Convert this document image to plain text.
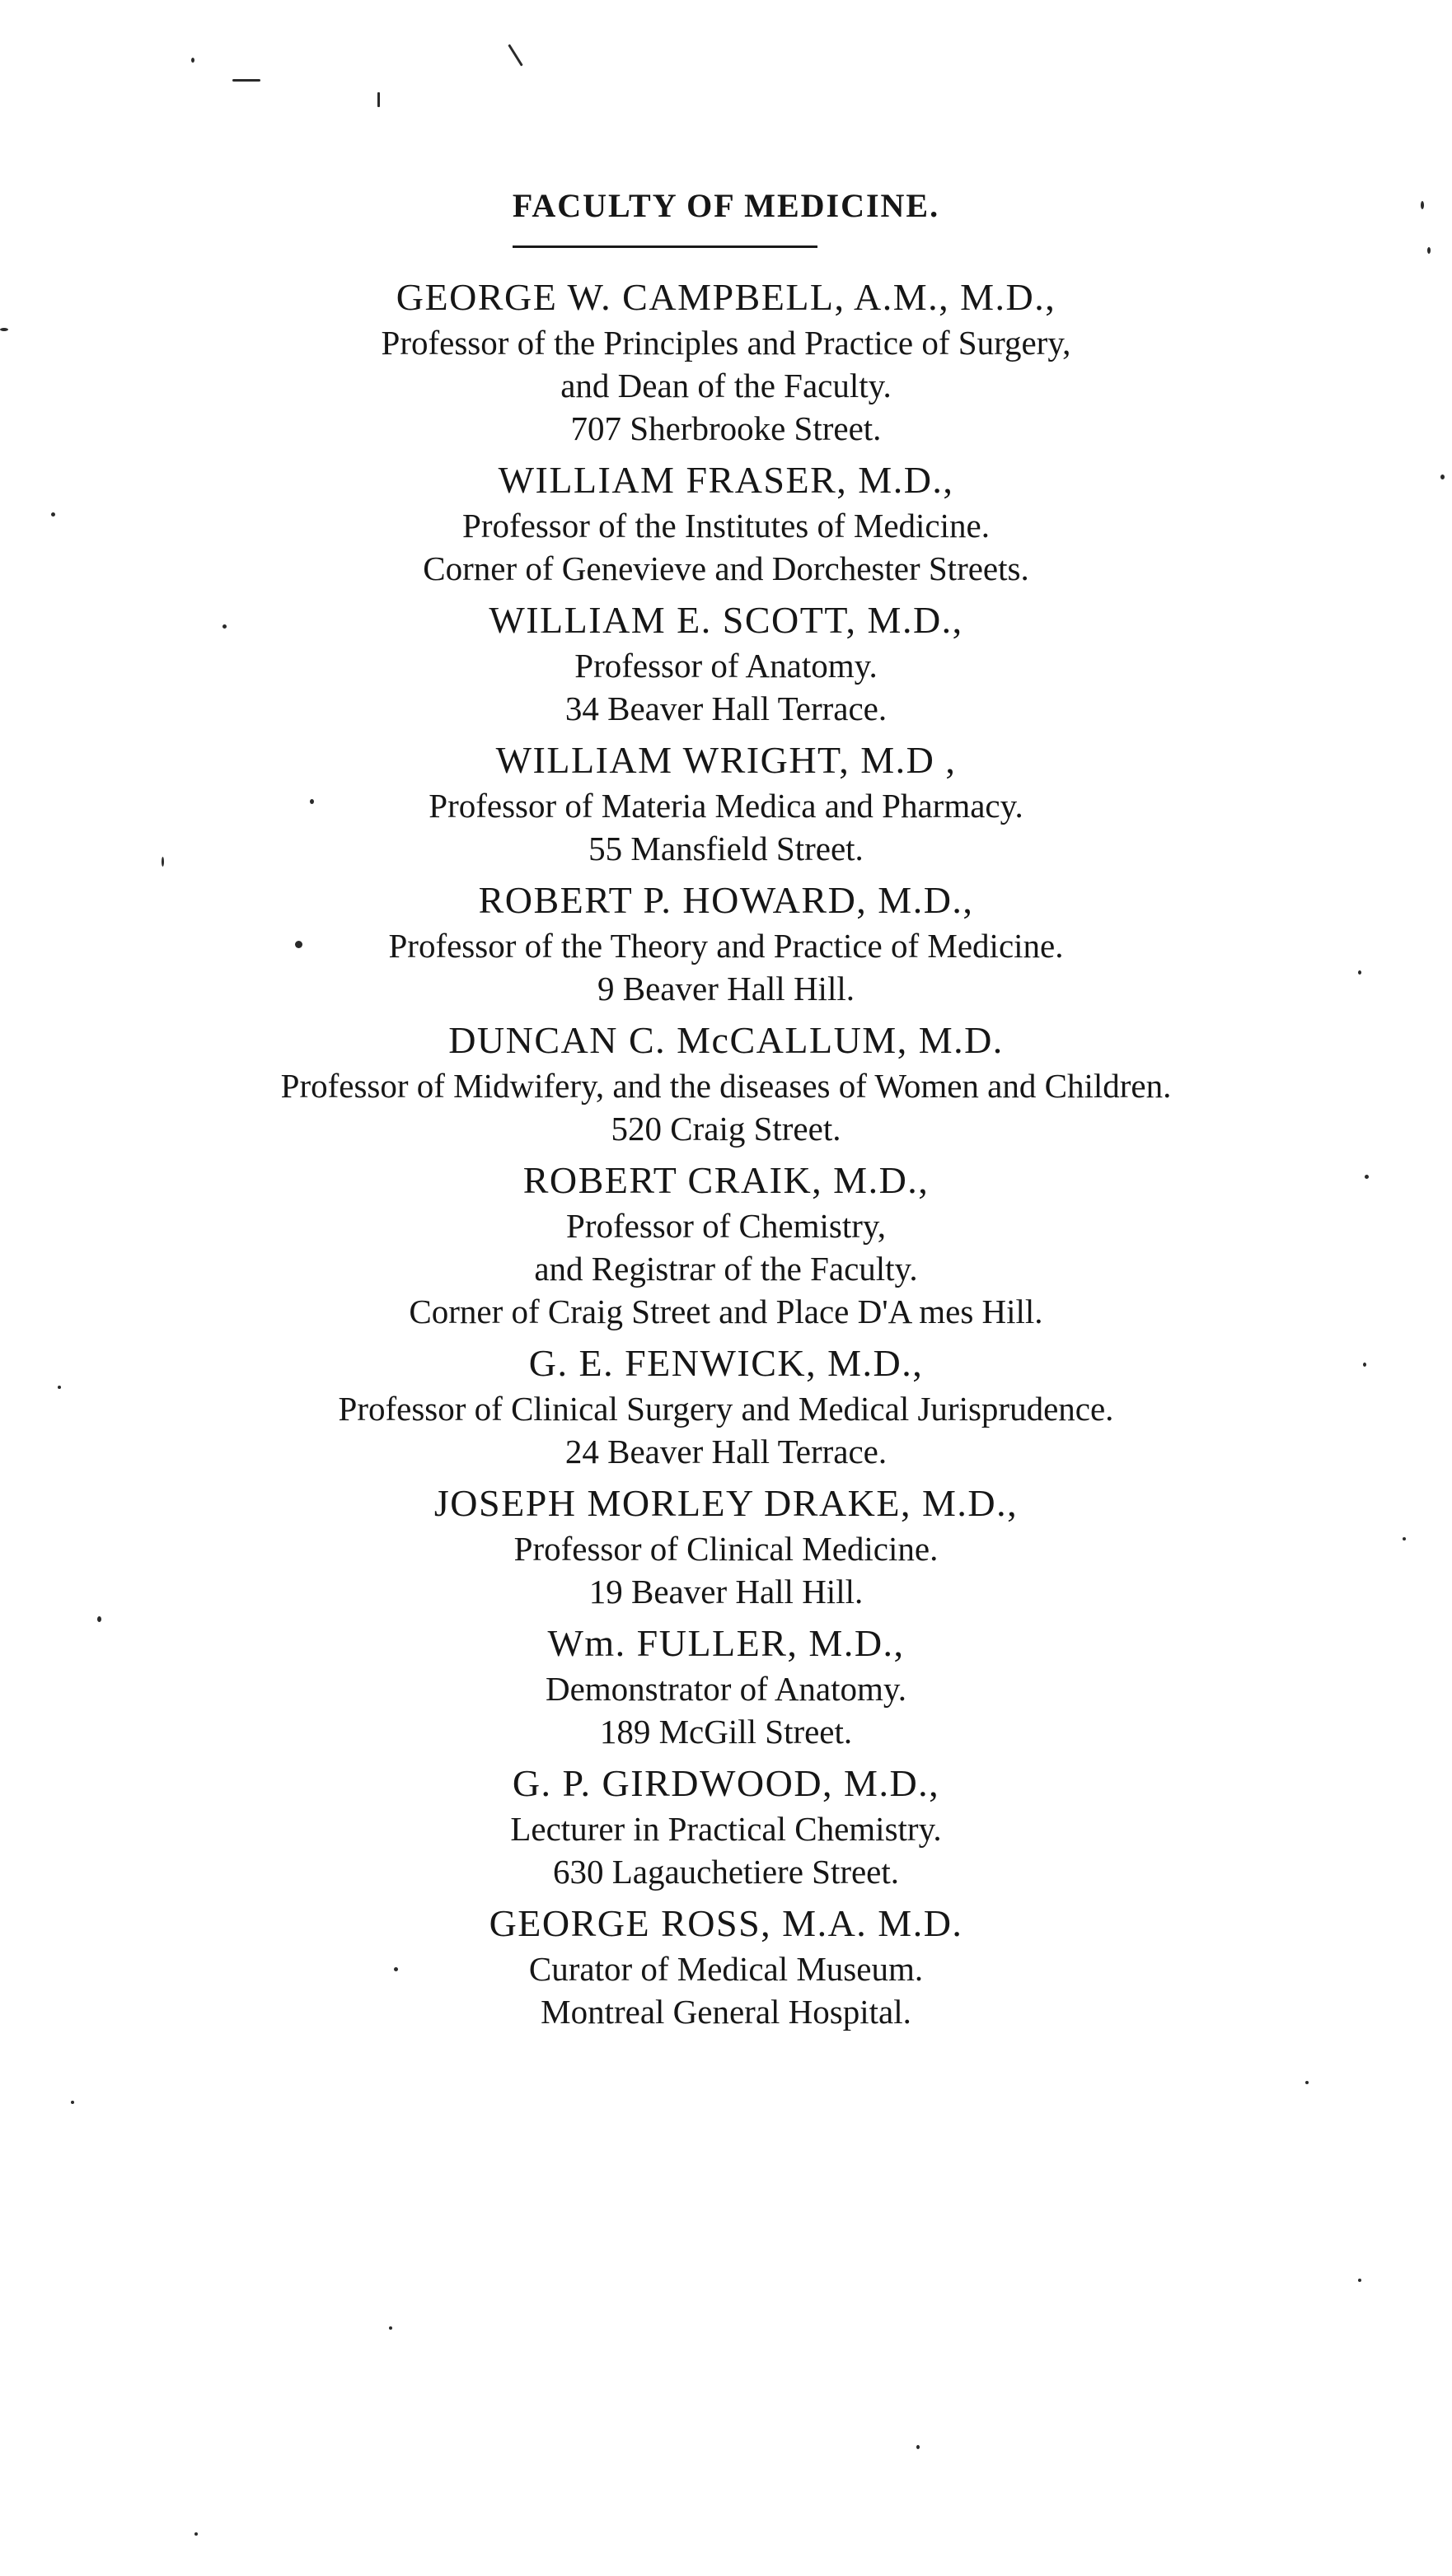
FACULTY OF MEDICINE.
GEORGE W. CAMPBELL, A.M., M.D.,
Professor of the Principles and Practice of Surgery,
and Dean of the Faculty.
707 Sherbrooke Street.
WILLIAM FRASER, M.D.,
Professor of the Institutes of Medicine.
Corner of Genevieve and Dorchester Streets.
WILLIAM E. SCOTT, M.D.,
Professor of Anatomy.
34 Beaver Hall Terrace.
WILLIAM WRIGHT, M.D ,
Professor of Materia Medica and Pharmacy.
55 Mansfield Street.
ROBERT P. HOWARD, M.D.,
Professor of the Theory and Practice of Medicine.
9 Beaver Hall Hill.
DUNCAN C. McCALLUM, M.D.
Professor of Midwifery, and the diseases of Women and Children.
520 Craig Street.
ROBERT CRAIK, M.D.,
Professor of Chemistry,
and Registrar of the Faculty.
Corner of Craig Street and Place D'A mes Hill.
G. E. FENWICK, M.D.,
Professor of Clinical Surgery and Medical Jurisprudence.
24 Beaver Hall Terrace.
JOSEPH MORLEY DRAKE, M.D.,
Professor of Clinical Medicine.
19 Beaver Hall Hill.
Wm. FULLER, M.D.,
Demonstrator of Anatomy.
189 McGill Street.
G. P. GIRDWOOD, M.D.,
Lecturer in Practical Chemistry.
630 Lagauchetiere Street.
GEORGE ROSS, M.A. M.D.
Curator of Medical Museum.
Montreal General Hospital.
